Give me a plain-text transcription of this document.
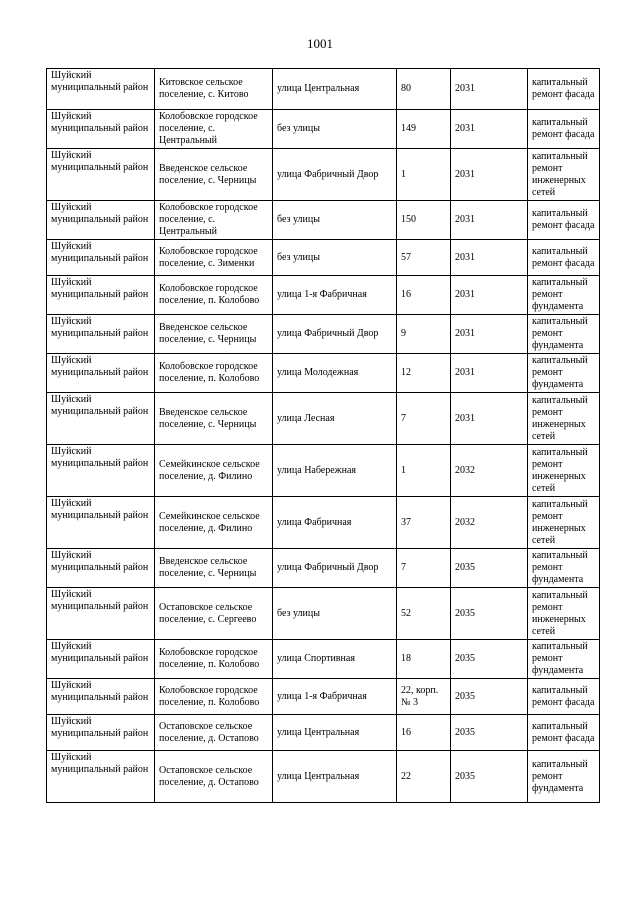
1001
Шуйский муниципальный район	Китовское сельское поселение, с. Китово	улица Центральная	80	2031	капитальный ремонт фасада
Шуйский муниципальный район	Колобовское городское поселение, с. Центральный	без улицы	149	2031	капитальный ремонт фасада
Шуйский муниципальный район	Введенское сельское поселение, с. Черницы	улица Фабричный Двор	1	2031	капитальный ремонт инженерных сетей
Шуйский муниципальный район	Колобовское городское поселение, с. Центральный	без улицы	150	2031	капитальный ремонт фасада
Шуйский муниципальный район	Колобовское городское поселение, с. Зименки	без улицы	57	2031	капитальный ремонт фасада
Шуйский муниципальный район	Колобовское городское поселение, п. Колобово	улица 1-я Фабричная	16	2031	капитальный ремонт фундамента
Шуйский муниципальный район	Введенское сельское поселение, с. Черницы	улица Фабричный Двор	9	2031	капитальный ремонт фундамента
Шуйский муниципальный район	Колобовское городское поселение, п. Колобово	улица Молодежная	12	2031	капитальный ремонт фундамента
Шуйский муниципальный район	Введенское сельское поселение, с. Черницы	улица Лесная	7	2031	капитальный ремонт инженерных сетей
Шуйский муниципальный район	Семейкинское сельское поселение, д. Филино	улица Набережная	1	2032	капитальный ремонт инженерных сетей
Шуйский муниципальный район	Семейкинское сельское поселение, д. Филино	улица Фабричная	37	2032	капитальный ремонт инженерных сетей
Шуйский муниципальный район	Введенское сельское поселение, с. Черницы	улица Фабричный Двор	7	2035	капитальный ремонт фундамента
Шуйский муниципальный район	Остаповское сельское поселение, с. Сергеево	без улицы	52	2035	капитальный ремонт инженерных сетей
Шуйский муниципальный район	Колобовское городское поселение, п. Колобово	улица Спортивная	18	2035	капитальный ремонт фундамента
Шуйский муниципальный район	Колобовское городское поселение, п. Колобово	улица 1-я Фабричная	22, корп. № 3	2035	капитальный ремонт фасада
Шуйский муниципальный район	Остаповское сельское поселение, д. Остапово	улица Центральная	16	2035	капитальный ремонт фасада
Шуйский муниципальный район	Остаповское сельское поселение, д. Остапово	улица Центральная	22	2035	капитальный ремонт фундамента
